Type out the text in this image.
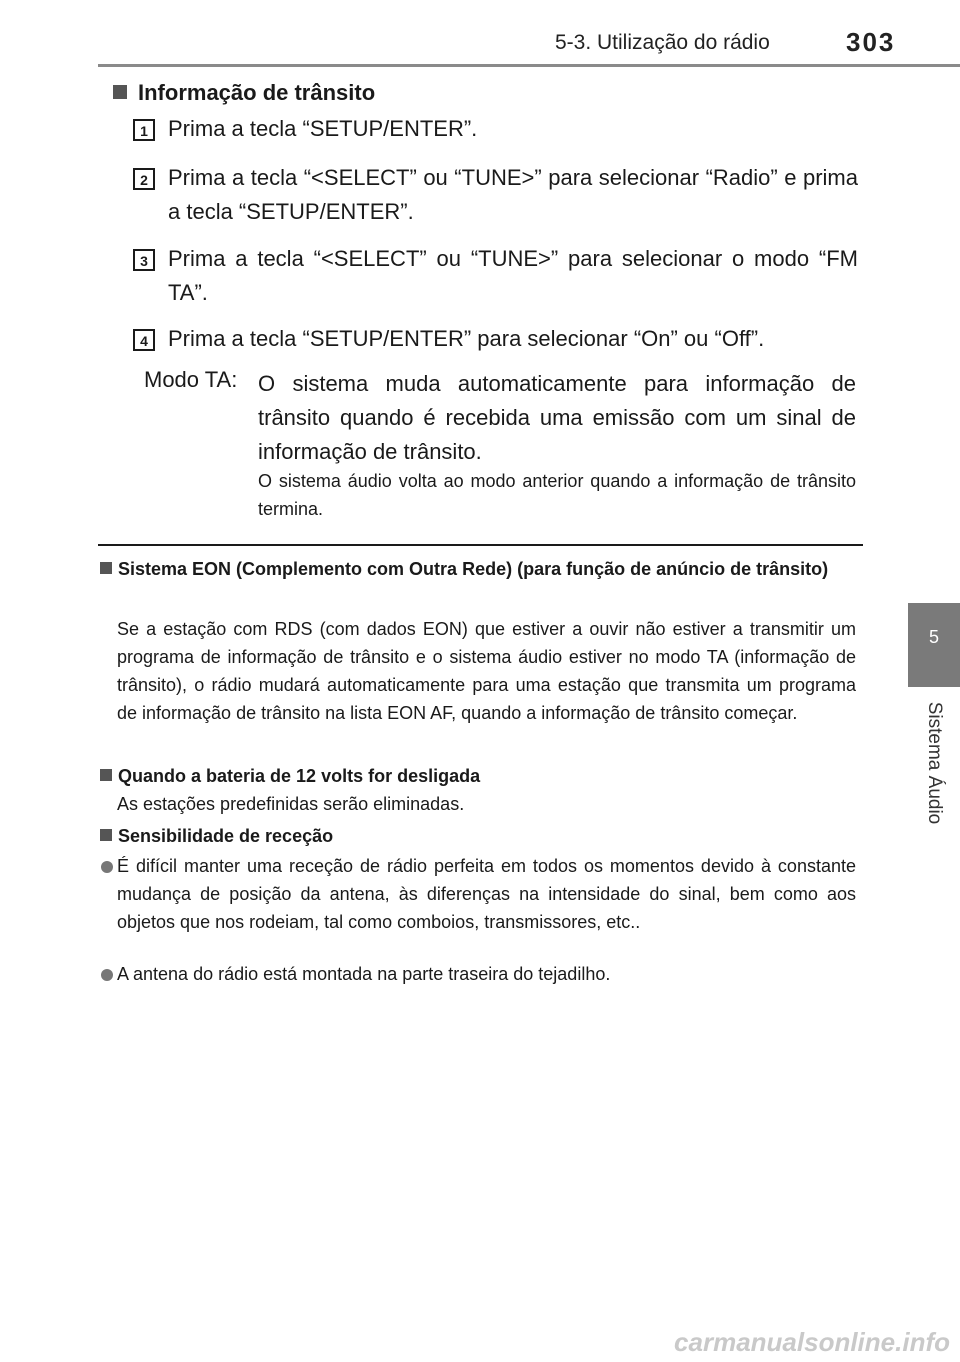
5-3. Utilização do rádio	303
5
Sistema Áudio
Informação de trânsito
1 Prima a tecla “SETUP/ENTER”.
2 Prima a tecla “<SELECT” ou “TUNE>” para selecionar “Radio” e prima a tecla “SETUP/ENTER”.
3 Prima a tecla “<SELECT” ou “TUNE>” para selecionar o modo “FM TA”.
4 Prima a tecla “SETUP/ENTER” para selecionar “On” ou “Off”.
Modo TA: O sistema muda automaticamente para informação de trânsito quando é recebida uma emissão com um sinal de informação de trânsito.
O sistema áudio volta ao modo anterior quando a informação de trânsito termina.
Sistema EON (Complemento com Outra Rede) (para função de anúncio de trânsito)
Se a estação com RDS (com dados EON) que estiver a ouvir não estiver a transmitir um programa de informação de trânsito e o sistema áudio estiver no modo TA (informação de trânsito), o rádio mudará automaticamente para uma estação que transmita um programa de informação de trânsito na lista EON AF, quando a informação de trânsito começar.
Quando a bateria de 12 volts for desligada
As estações predefinidas serão eliminadas.
Sensibilidade de receção
É difícil manter uma receção de rádio perfeita em todos os momentos devido à constante mudança de posição da antena, às diferenças na intensidade do sinal, bem como aos objetos que nos rodeiam, tal como comboios, transmissores, etc..
A antena do rádio está montada na parte traseira do tejadilho.
carmanualsonline.info
